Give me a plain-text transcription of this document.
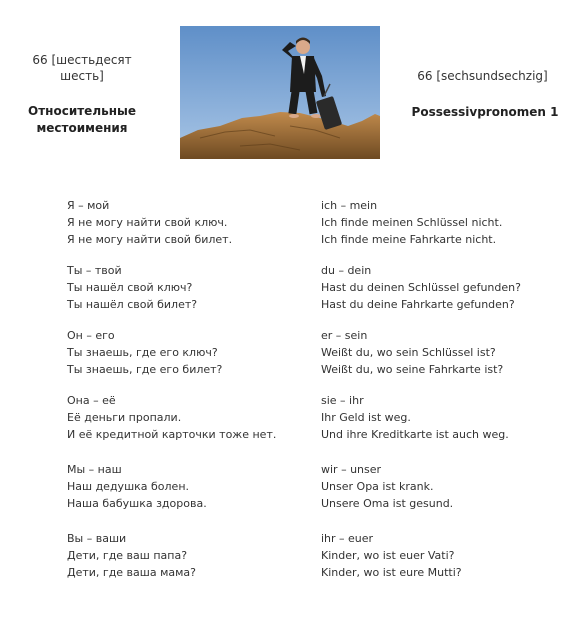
66 [шестьдесят шесть]
Относительные местоимения
66 [sechsundsechzig]
Possessivpronomen 1
Я – мой	ich – mein
Я не могу найти свой ключ.	Ich finde meinen Schlüssel nicht.
Я не могу найти свой билет.	Ich finde meine Fahrkarte nicht.
Ты – твой	du – dein
Ты нашёл свой ключ?	Hast du deinen Schlüssel gefunden?
Ты нашёл свой билет?	Hast du deine Fahrkarte gefunden?
Он – его	er – sein
Ты знаешь, где его ключ?	Weißt du, wo sein Schlüssel ist?
Ты знаешь, где его билет?	Weißt du, wo seine Fahrkarte ist?
Она – её	sie – ihr
Её деньги пропали.	Ihr Geld ist weg.
И её кредитной карточки тоже нет.	Und ihre Kreditkarte ist auch weg.
Мы – наш	wir – unser
Наш дедушка болен.	Unser Opa ist krank.
Наша бабушка здорова.	Unsere Oma ist gesund.
Вы – ваши	ihr – euer
Дети, где ваш папа?	Kinder, wo ist euer Vati?
Дети, где ваша мама?	Kinder, wo ist eure Mutti?
